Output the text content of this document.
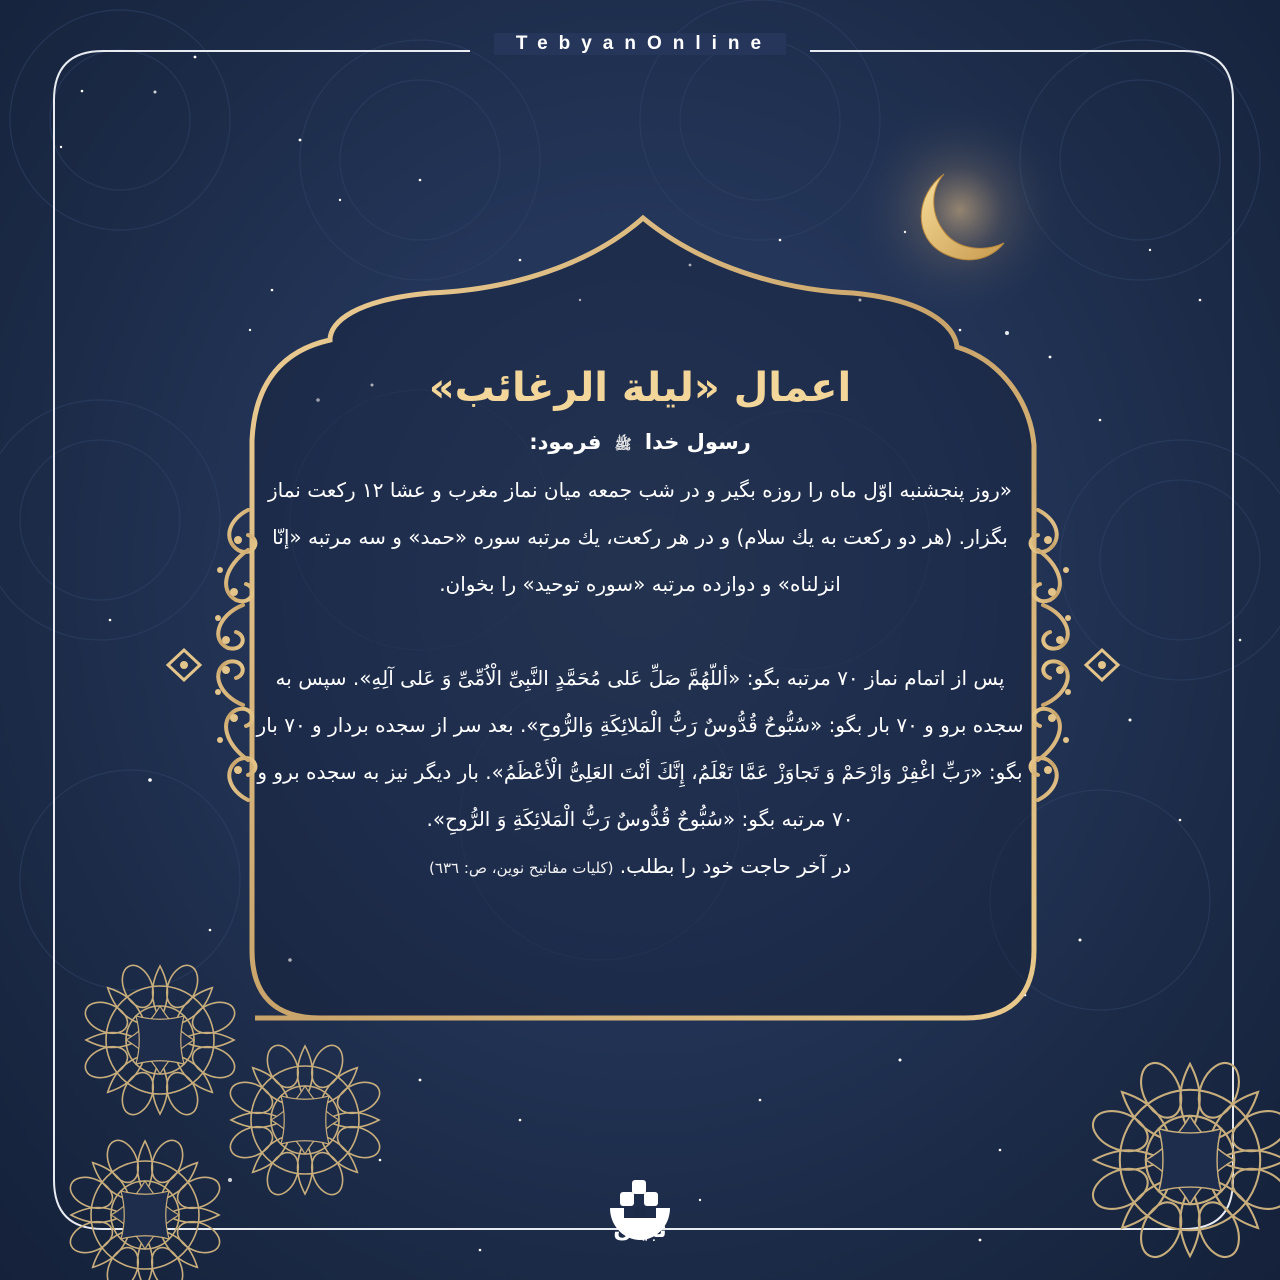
TebyanOnline
اعمال «ليلة الرغائب»
رسول خدا ﷺ فرمود:

«روز پنجشنبه اوّل ماه را روزه بگیر و در شب جمعه میان نماز مغرب و عشا ۱۲ رکعت نماز بگزار. (هر دو رکعت به یك سلام) و در هر رکعت، یك مرتبه سوره «حمد» و سه مرتبه «إنّا انزلناه» و دوازده مرتبه «سوره توحید» را بخوان.

پس از اتمام نماز ۷۰ مرتبه بگو: «أللّهُمَّ صَلِّ عَلی مُحَمَّدٍ النَّبِیِّ الْاُمِّیِّ وَ عَلی آلِهِ». سپس به سجده برو و ۷۰ بار بگو: «سُبُّوحٌ قُدُّوسٌ رَبُّ الْمَلائِكَةِ وَالرُّوحِ». بعد سر از سجده بردار و ۷۰ بار بگو: «رَبِّ اغْفِرْ وَارْحَمْ وَ تَجاوَزْ عَمَّا تَعْلَمُ، إِنَّكَ أنْتَ العَلِیُّ الْأعْظَمُ». بار دیگر نیز به سجده برو و ۷۰ مرتبه بگو: «سُبُّوحٌ قُدُّوسٌ رَبُّ الْمَلائِكَةِ وَ الرُّوحِ».
در آخر حاجت خود را بطلب. (کلیات مفاتیح نوین، ص: ٦٣٦)

تبیان
